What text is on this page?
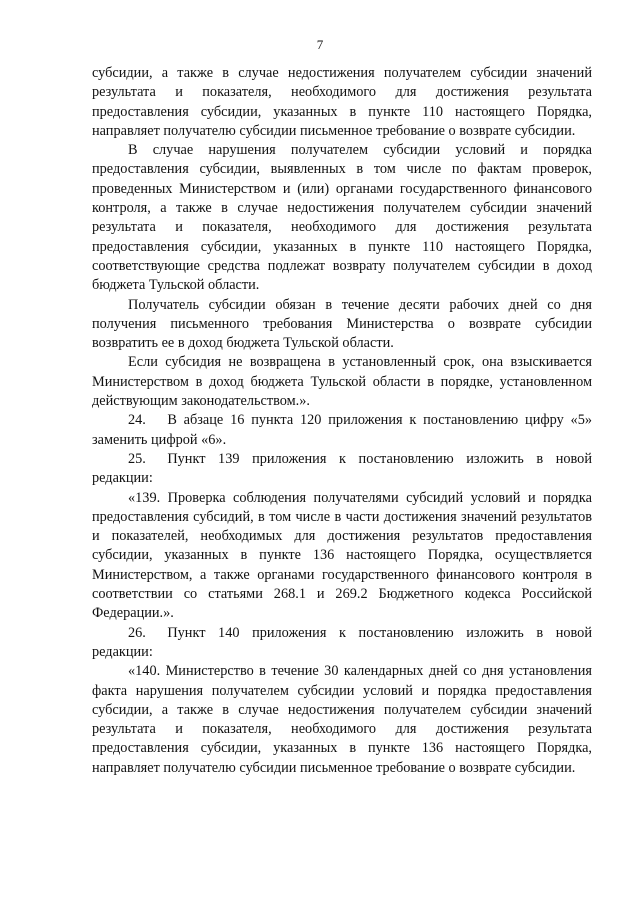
7

субсидии, а также в случае недостижения получателем субсидии значений результата и показателя, необходимого для достижения результата предоставления субсидии, указанных в пункте 110 настоящего Порядка, направляет получателю субсидии письменное требование о возврате субсидии.

В случае нарушения получателем субсидии условий и порядка предоставления субсидии, выявленных в том числе по фактам проверок, проведенных Министерством и (или) органами государственного финансового контроля, а также в случае недостижения получателем субсидии значений результата и показателя, необходимого для достижения результата предоставления субсидии, указанных в пункте 110 настоящего Порядка, соответствующие средства подлежат возврату получателем субсидии в доход бюджета Тульской области.

Получатель субсидии обязан в течение десяти рабочих дней со дня получения письменного требования Министерства о возврате субсидии возвратить ее в доход бюджета Тульской области.

Если субсидия не возвращена в установленный срок, она взыскивается Министерством в доход бюджета Тульской области в порядке, установленном действующим законодательством.».

24.  В абзаце 16 пункта 120 приложения к постановлению цифру «5» заменить цифрой «6».

25.  Пункт 139 приложения к постановлению изложить в новой редакции:

«139. Проверка соблюдения получателями субсидий условий и порядка предоставления субсидий, в том числе в части достижения значений результатов и показателей, необходимых для достижения результатов предоставления субсидии, указанных в пункте 136 настоящего Порядка, осуществляется Министерством, а также органами государственного финансового контроля в соответствии со статьями 268.1 и 269.2 Бюджетного кодекса Российской Федерации.».

26.  Пункт 140 приложения к постановлению изложить в новой редакции:

«140. Министерство в течение 30 календарных дней со дня установления факта нарушения получателем субсидии условий и порядка предоставления субсидии, а также в случае недостижения получателем субсидии значений результата и показателя, необходимого для достижения результата предоставления субсидии, указанных в пункте 136 настоящего Порядка, направляет получателю субсидии письменное требование о возврате субсидии.
